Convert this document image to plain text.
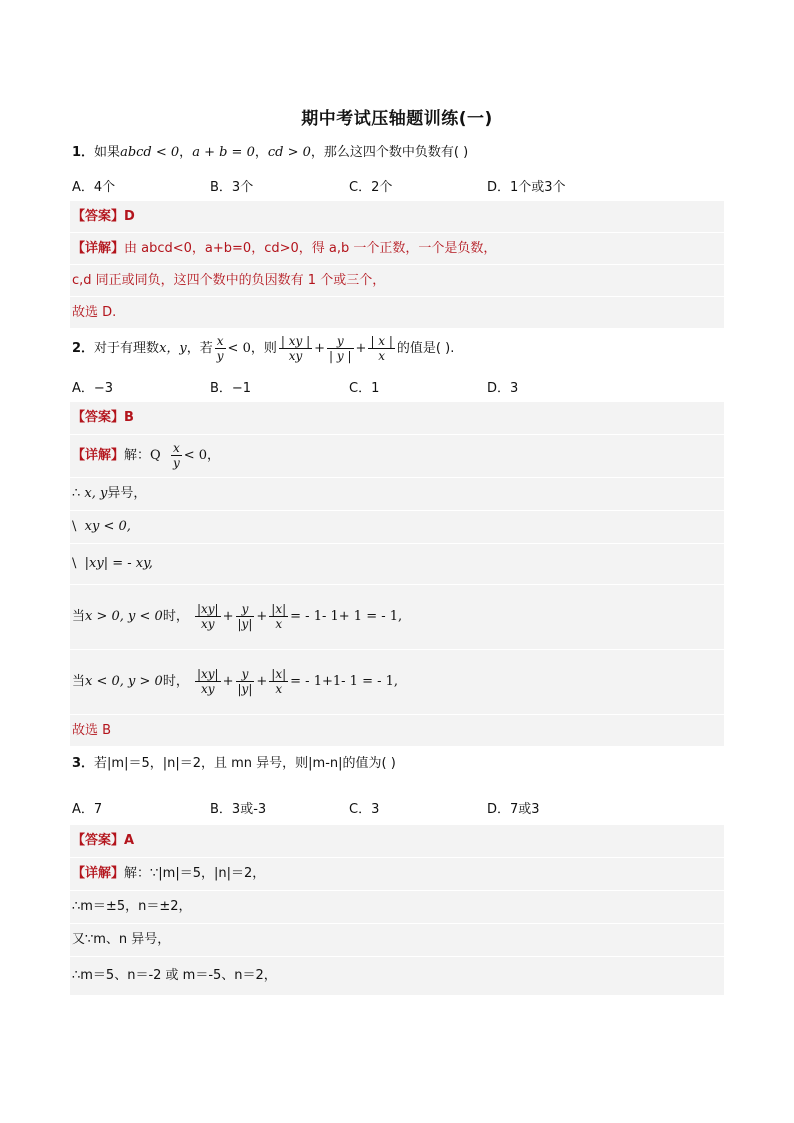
期中考试压轴题训练(一)
1．如果abcd < 0，a + b = 0，cd > 0，那么这四个数中负数有( )
A．4个	B．3个	C．2个	D．1个或3个
【答案】D
【详解】由 abcd<0，a+b=0，cd>0，得 a,b 一个正数，一个是负数，
c,d 同正或同负，这四个数中的负因数有 1 个或三个，
故选 D.
2．对于有理数x，y，若 $\frac{x}{y} < 0$，则 $\frac{| xy |}{xy} + \frac{y}{| y |} + \frac{| x |}{x}$ 的值是( ).
A．−3	B．−1	C．1	D．3
【答案】B
【详解】解：Q $\frac{x}{y} < 0$，
∴ x, y异号，
\ xy < 0,
\ |xy| = - xy,
当x > 0, y < 0时， $\frac{|xy|}{xy} + \frac{y}{|y|} + \frac{|x|}{x}$ = - 1- 1+ 1 = - 1,
当x < 0, y > 0时， $\frac{|xy|}{xy} + \frac{y}{|y|} + \frac{|x|}{x}$ = - 1+1- 1 = - 1,
故选 B
3．若|m|＝5，|n|＝2，且 mn 异号，则|m-n|的值为( )
A．7	B．3或-3	C．3	D．7或3
【答案】A
【详解】解：∵|m|＝5，|n|＝2，
∴m＝±5，n＝±2，
又∵m、n 异号，
∴m＝5、n＝-2 或 m＝-5、n＝2，
